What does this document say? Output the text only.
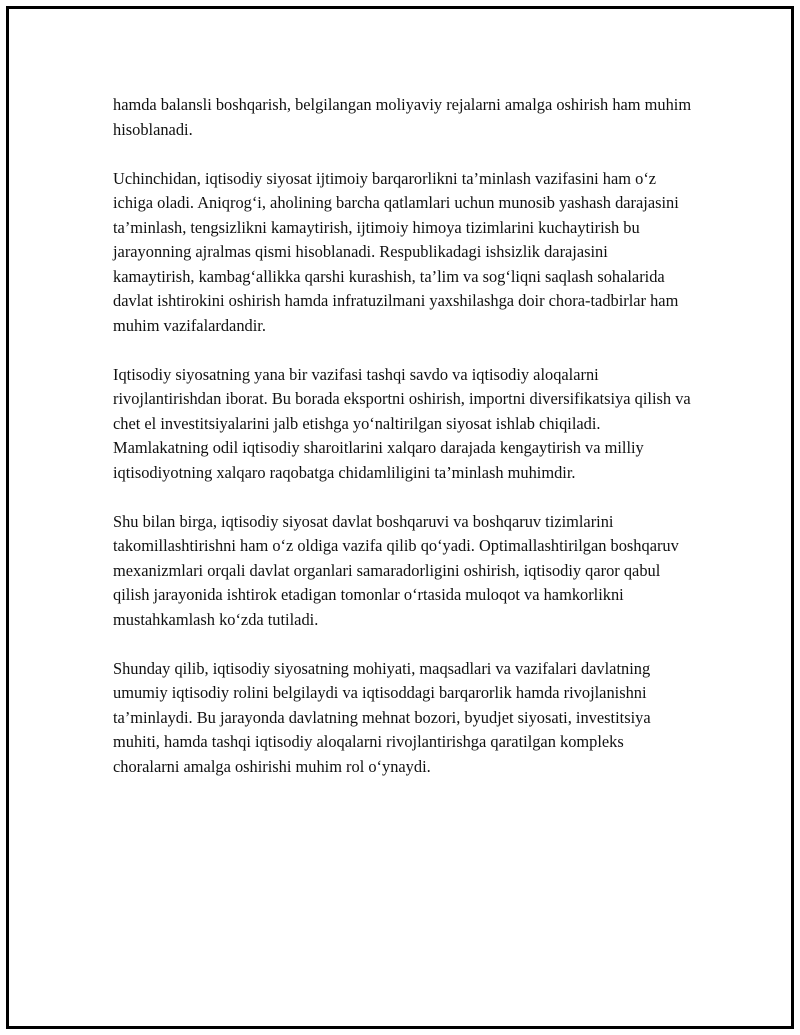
hamda balansli boshqarish, belgilangan moliyaviy rejalarni amalga oshirish ham muhim hisoblanadi.

Uchinchidan, iqtisodiy siyosat ijtimoiy barqarorlikni ta’minlash vazifasini ham o‘z ichiga oladi. Aniqrog‘i, aholining barcha qatlamlari uchun munosib yashash darajasini ta’minlash, tengsizlikni kamaytirish, ijtimoiy himoya tizimlarini kuchaytirish bu jarayonning ajralmas qismi hisoblanadi. Respublikadagi ishsizlik darajasini kamaytirish, kambag‘allikka qarshi kurashish, ta’lim va sog‘liqni saqlash sohalarida davlat ishtirokini oshirish hamda infratuzilmani yaxshilashga doir chora-tadbirlar ham muhim vazifalardandir.

Iqtisodiy siyosatning yana bir vazifasi tashqi savdo va iqtisodiy aloqalarni rivojlantirishdan iborat. Bu borada eksportni oshirish, importni diversifikatsiya qilish va chet el investitsiyalarini jalb etishga yo‘naltirilgan siyosat ishlab chiqiladi. Mamlakatning odil iqtisodiy sharoitlarini xalqaro darajada kengaytirish va milliy iqtisodiyotning xalqaro raqobatga chidamliligini ta’minlash muhimdir.

Shu bilan birga, iqtisodiy siyosat davlat boshqaruvi va boshqaruv tizimlarini takomillashtirishni ham o‘z oldiga vazifa qilib qo‘yadi. Optimallashtirilgan boshqaruv mexanizmlari orqali davlat organlari samaradorligini oshirish, iqtisodiy qaror qabul qilish jarayonida ishtirok etadigan tomonlar o‘rtasida muloqot va hamkorlikni mustahkamlash ko‘zda tutiladi.

Shunday qilib, iqtisodiy siyosatning mohiyati, maqsadlari va vazifalari davlatning umumiy iqtisodiy rolini belgilaydi va iqtisoddagi barqarorlik hamda rivojlanishni ta’minlaydi. Bu jarayonda davlatning mehnat bozori, byudjet siyosati, investitsiya muhiti, hamda tashqi iqtisodiy aloqalarni rivojlantirishga qaratilgan kompleks choralarni amalga oshirishi muhim rol o‘ynaydi.
